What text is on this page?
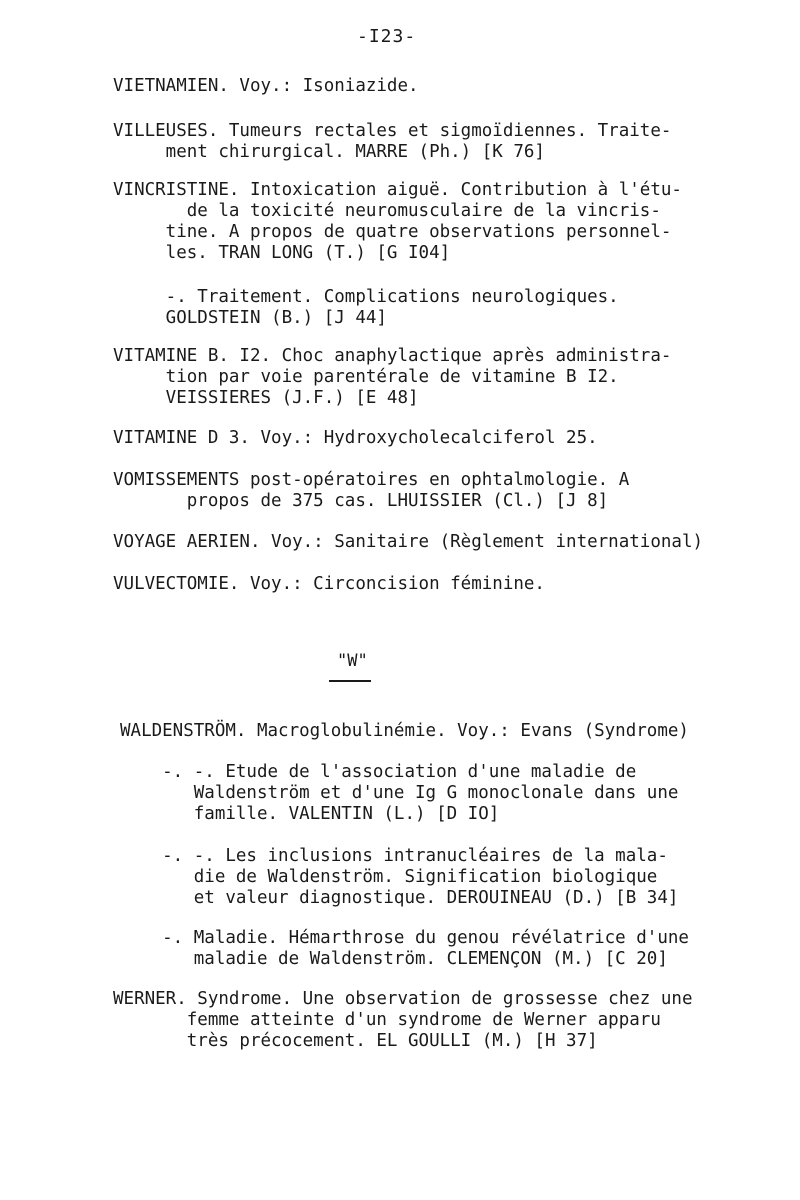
-I23-
VIETNAMIEN. Voy.: Isoniazide.
VILLEUSES. Tumeurs rectales et sigmoïdiennes. Traite-
ment chirurgical. MARRE (Ph.) [K 76]
VINCRISTINE. Intoxication aiguë. Contribution à l'étu-
de la toxicité neuromusculaire de la vincris-
tine. A propos de quatre observations personnel-
les. TRAN LONG (T.) [G I04]
-. Traitement. Complications neurologiques.
GOLDSTEIN (B.) [J 44]
VITAMINE B. I2. Choc anaphylactique après administra-
tion par voie parentérale de vitamine B I2.
VEISSIERES (J.F.) [E 48]
VITAMINE D 3. Voy.: Hydroxycholecalciferol 25.
VOMISSEMENTS post-opératoires en ophtalmologie. A
propos de 375 cas. LHUISSIER (Cl.) [J 8]
VOYAGE AERIEN. Voy.: Sanitaire (Règlement international)
VULVECTOMIE. Voy.: Circoncision féminine.
"W"
WALDENSTRÖM. Macroglobulinémie. Voy.: Evans (Syndrome)
-. -. Etude de l'association d'une maladie de
Waldenström et d'une Ig G monoclonale dans une
famille. VALENTIN (L.) [D IO]
-. -. Les inclusions intranucléaires de la mala-
die de Waldenström. Signification biologique
et valeur diagnostique. DEROUINEAU (D.) [B 34]
-. Maladie. Hémarthrose du genou révélatrice d'une
maladie de Waldenström. CLEMENÇON (M.) [C 20]
WERNER. Syndrome. Une observation de grossesse chez une
femme atteinte d'un syndrome de Werner apparu
très précocement. EL GOULLI (M.) [H 37]
